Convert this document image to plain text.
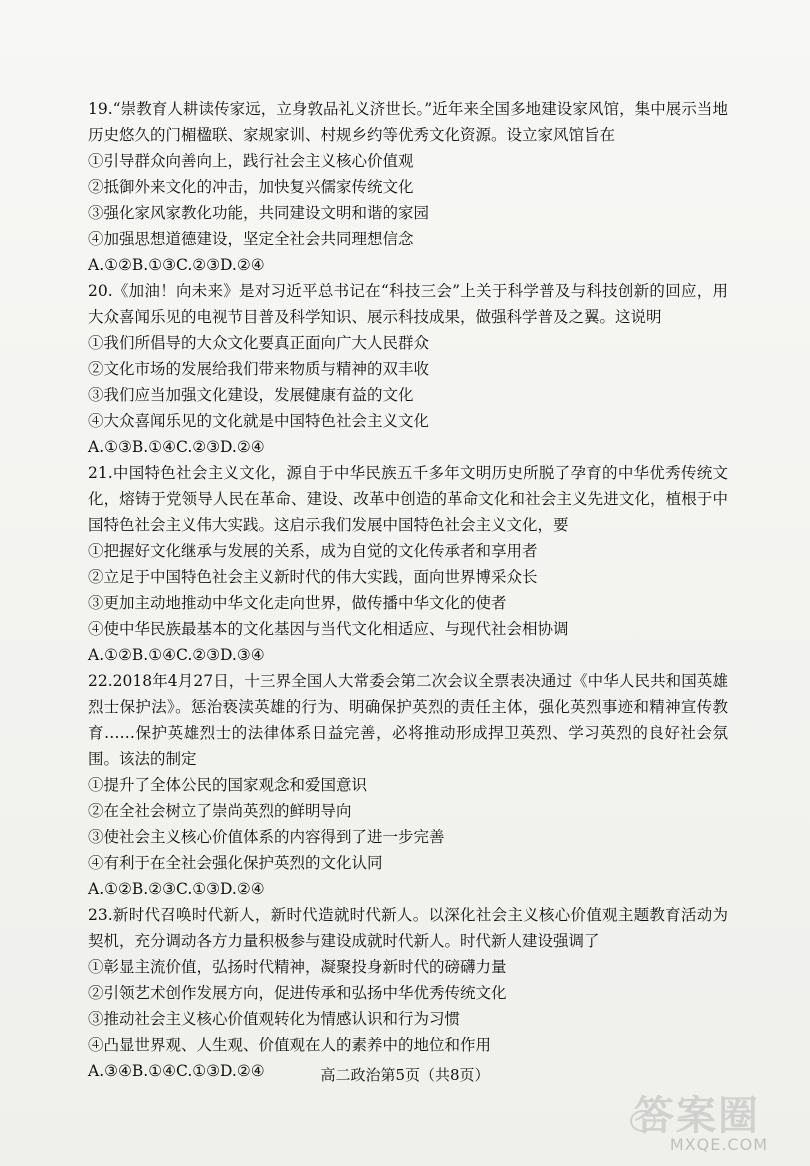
19.“崇教育人耕读传家远，立身敦品礼义济世长。”近年来全国多地建设家风馆，集中展示当地历史悠久的门楣楹联、家规家训、村规乡约等优秀文化资源。设立家风馆旨在
①引导群众向善向上，践行社会主义核心价值观
②抵御外来文化的冲击，加快复兴儒家传统文化
③强化家风家教化功能，共同建设文明和谐的家园
④加强思想道德建设，坚定全社会共同理想信念
A.①②B.①③C.②③D.②④
20.《加油！向未来》是对习近平总书记在“科技三会”上关于科学普及与科技创新的回应，用大众喜闻乐见的电视节目普及科学知识、展示科技成果，做强科学普及之翼。这说明
①我们所倡导的大众文化要真正面向广大人民群众
②文化市场的发展给我们带来物质与精神的双丰收
③我们应当加强文化建设，发展健康有益的文化
④大众喜闻乐见的文化就是中国特色社会主义文化
A.①③B.①④C.②③D.②④
21.中国特色社会主义文化，源自于中华民族五千多年文明历史所脱了孕育的中华优秀传统文化，熔铸于党领导人民在革命、建设、改革中创造的革命文化和社会主义先进文化，植根于中国特色社会主义伟大实践。这启示我们发展中国特色社会主义文化，要
①把握好文化继承与发展的关系，成为自觉的文化传承者和享用者
②立足于中国特色社会主义新时代的伟大实践，面向世界博采众长
③更加主动地推动中华文化走向世界，做传播中华文化的使者
④使中华民族最基本的文化基因与当代文化相适应、与现代社会相协调
A.①②B.①④C.②③D.③④
22.2018年4月27日，十三界全国人大常委会第二次会议全票表决通过《中华人民共和国英雄烈士保护法》。惩治亵渎英雄的行为、明确保护英烈的责任主体，强化英烈事迹和精神宣传教育……保护英雄烈士的法律体系日益完善，必将推动形成捍卫英烈、学习英烈的良好社会氛围。该法的制定
①提升了全体公民的国家观念和爱国意识
②在全社会树立了崇尚英烈的鲜明导向
③使社会主义核心价值体系的内容得到了进一步完善
④有利于在全社会强化保护英烈的文化认同
A.①②B.②③C.①③D.②④
23.新时代召唤时代新人，新时代造就时代新人。以深化社会主义核心价值观主题教育活动为契机，充分调动各方力量积极参与建设成就时代新人。时代新人建设强调了
①彰显主流价值，弘扬时代精神，凝聚投身新时代的磅礴力量
②引领艺术创作发展方向，促进传承和弘扬中华优秀传统文化
③推动社会主义核心价值观转化为情感认识和行为习惯
④凸显世界观、人生观、价值观在人的素养中的地位和作用
A.③④B.①④C.①③D.②④	高二政治第5页（共8页）
答案圈
MXQE.COM
